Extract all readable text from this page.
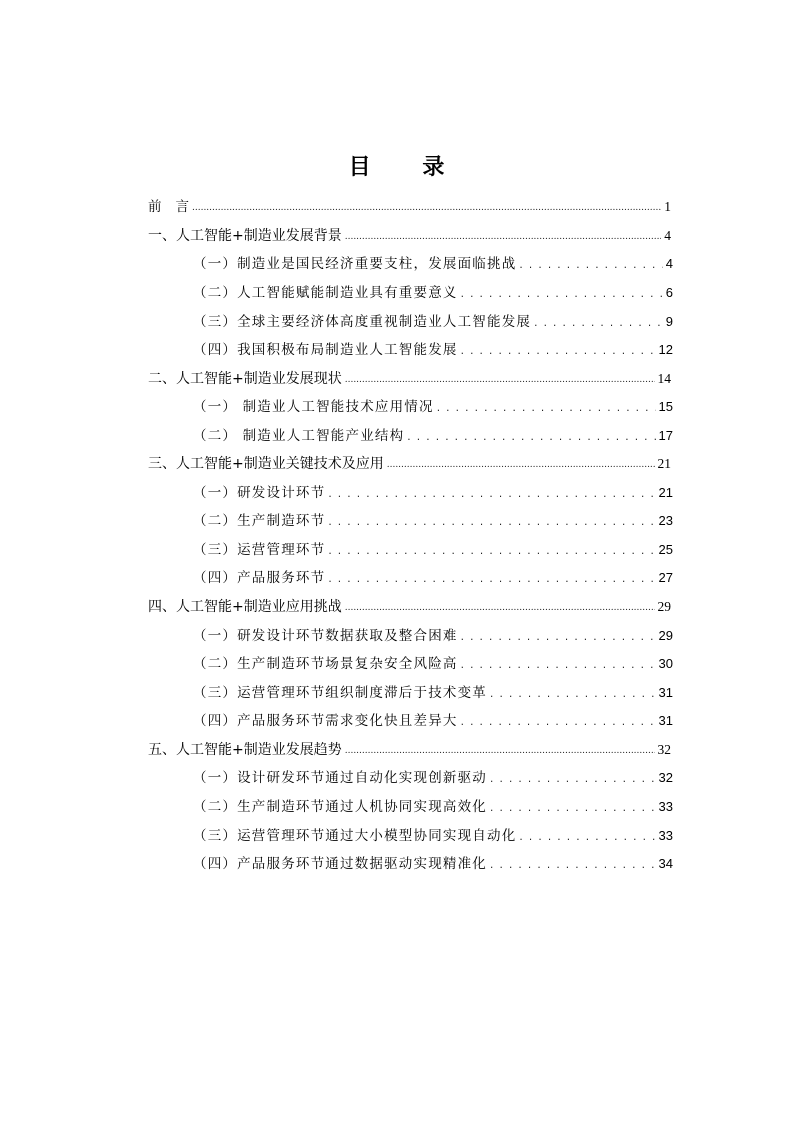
目 录
前 言 .....	1
一、人工智能+制造业发展背景 .....	4
（一）制造业是国民经济重要支柱，发展面临挑战 . . .	4
（二）人工智能赋能制造业具有重要意义 . . .	6
（三）全球主要经济体高度重视制造业人工智能发展 . . .	9
（四）我国积极布局制造业人工智能发展 . . .	12
二、人工智能+制造业发展现状 .....	14
（一） 制造业人工智能技术应用情况 . . .	15
（二） 制造业人工智能产业结构 . . .	17
三、人工智能+制造业关键技术及应用 .....	21
（一）研发设计环节 . . .	21
（二）生产制造环节 . . .	23
（三）运营管理环节 . . .	25
（四）产品服务环节 . . .	27
四、人工智能+制造业应用挑战 .....	29
（一）研发设计环节数据获取及整合困难 . . .	29
（二）生产制造环节场景复杂安全风险高 . . .	30
（三）运营管理环节组织制度滞后于技术变革 . . .	31
（四）产品服务环节需求变化快且差异大 . . .	31
五、人工智能+制造业发展趋势 .....	32
（一）设计研发环节通过自动化实现创新驱动 . . .	32
（二）生产制造环节通过人机协同实现高效化 . . .	33
（三）运营管理环节通过大小模型协同实现自动化 . . .	33
（四）产品服务环节通过数据驱动实现精准化 . . .	34
